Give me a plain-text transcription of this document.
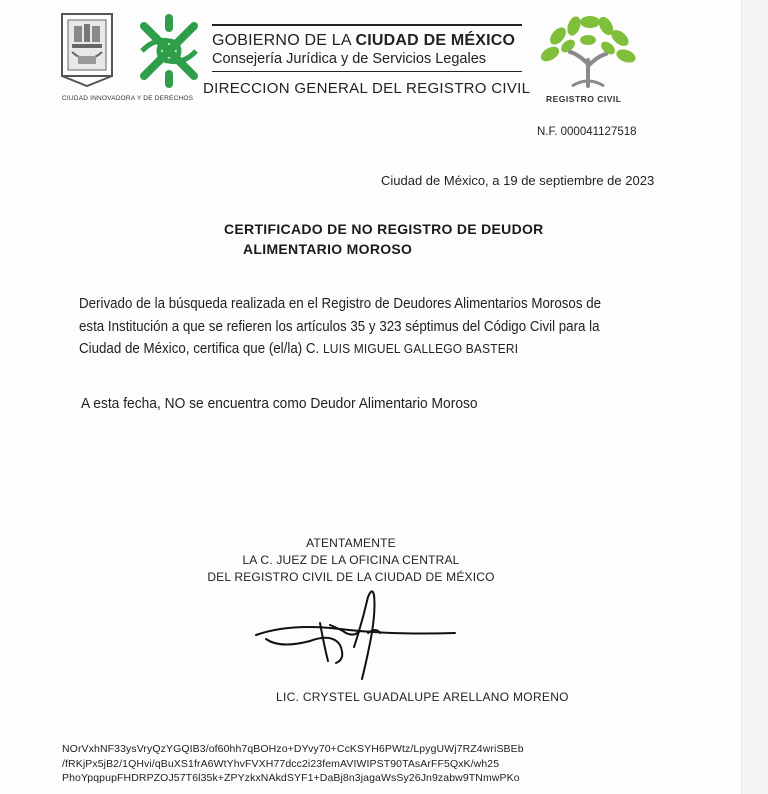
CIUDAD INNOVADORA Y DE DERECHOS
GOBIERNO DE LA CIUDAD DE MÉXICO
Consejería Jurídica y de Servicios Legales
DIRECCION GENERAL DEL REGISTRO CIVIL
REGISTRO CIVIL
N.F. 000041127518
Ciudad de México, a 19 de septiembre de 2023
CERTIFICADO DE NO REGISTRO DE DEUDOR
ALIMENTARIO MOROSO
Derivado de la búsqueda realizada en el Registro de Deudores Alimentarios Morosos de
esta Institución a que se refieren los artículos 35 y 323 séptimus del Código Civil para la
Ciudad de México, certifica que (el/la) C. LUIS MIGUEL GALLEGO BASTERI
A esta fecha, NO se encuentra como Deudor Alimentario Moroso
ATENTAMENTE
LA C. JUEZ DE LA OFICINA CENTRAL
DEL REGISTRO CIVIL DE LA CIUDAD DE MÉXICO
LIC. CRYSTEL GUADALUPE ARELLANO MORENO
NOrVxhNF33ysVryQzYGQIB3/of60hh7qBOHzo+DYvy70+CcKSYH6PWtz/LpygUWj7RZ4wriSBEb
/fRKjPx5jB2/1QHvi/qBuXS1frA6WtYhvFVXH77dcc2i23femAVIWIPST90TAsArFF5QxK/wh25
PhoYpqpupFHDRPZOJ57T6l35k+ZPYzkxNAkdSYF1+DaBj8n3jagaWsSy26Jn9zabw9TNmwPKo
